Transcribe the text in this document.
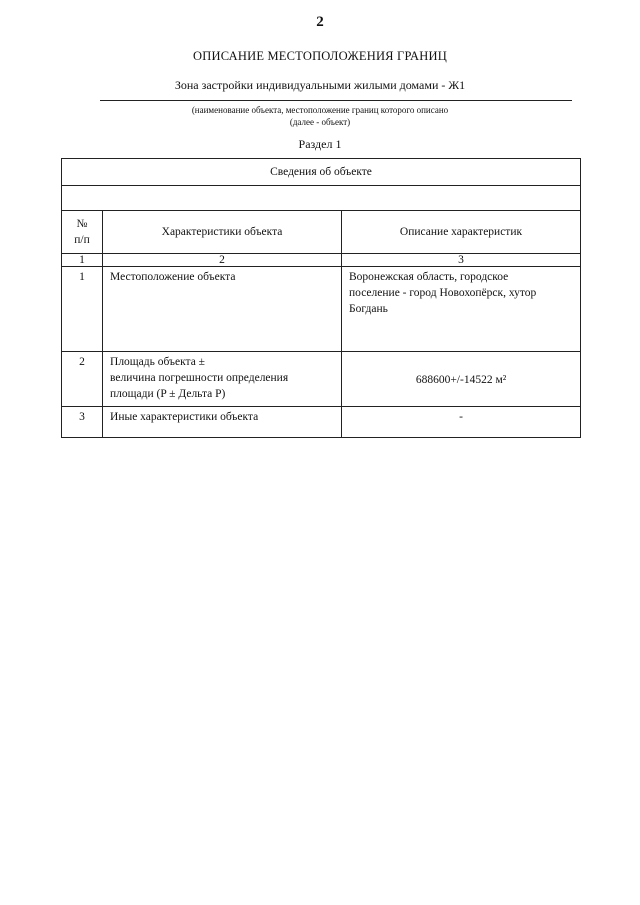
2
ОПИСАНИЕ МЕСТОПОЛОЖЕНИЯ ГРАНИЦ
Зона застройки индивидуальными жилыми домами - Ж1
(наименование объекта, местоположение границ которого описано
(далее - объект)
Раздел 1
Сведения об объекте		

№
п/п	Характеристики объекта	Описание характеристик
1	2	3
1	Местоположение объекта	Воронежская область, городское
поселение - город Новохопёрск, хутор
Богдань

2	Площадь объекта ±
величина погрешности определения
площади (P ± Дельта P)	688600+/-14522 м²

3	Иные характеристики объекта	-
